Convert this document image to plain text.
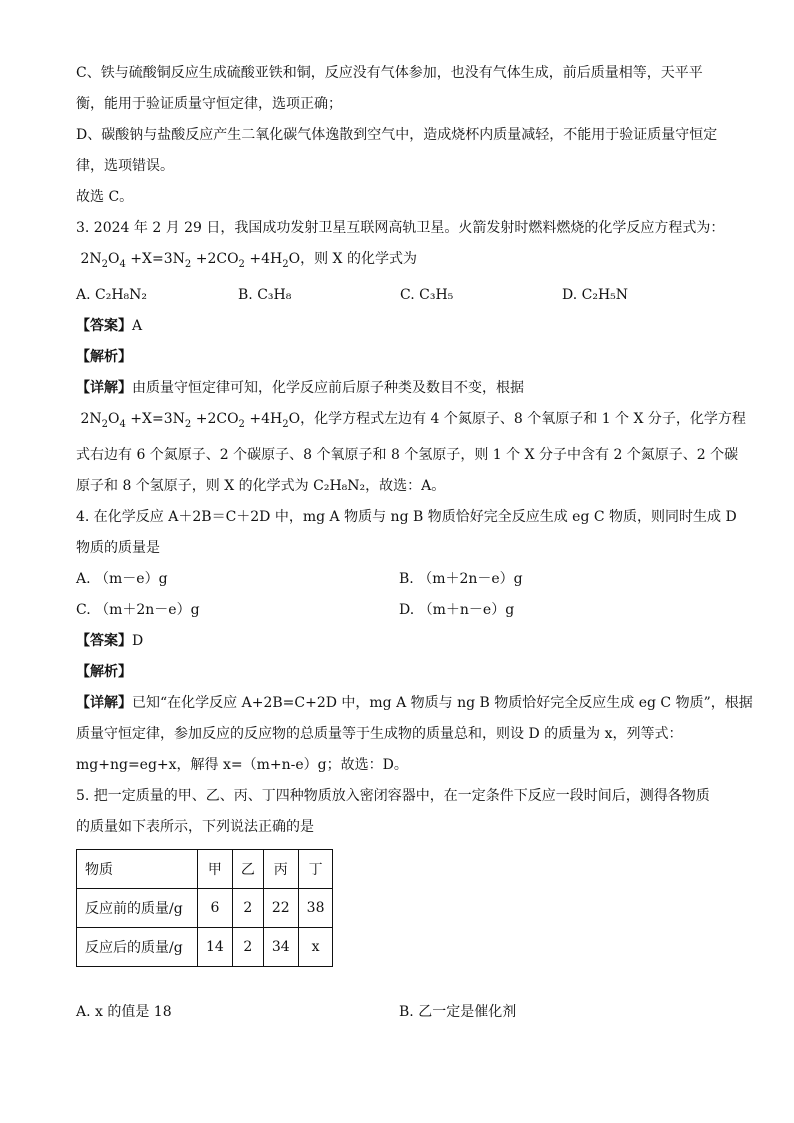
C、铁与硫酸铜反应生成硫酸亚铁和铜，反应没有气体参加，也没有气体生成，前后质量相等，天平平

衡，能用于验证质量守恒定律，选项正确；

D、碳酸钠与盐酸反应产生二氧化碳气体逸散到空气中，造成烧杯内质量减轻，不能用于验证质量守恒定

律，选项错误。

故选 C。

3. 2024 年 2 月 29 日，我国成功发射卫星互联网高轨卫星。火箭发射时燃料燃烧的化学反应方程式为：

$2N_2O_4 +X=3N_2 +2CO_2 +4H_2O$，则 X 的化学式为

A. C₂H₈N₂	B. C₃H₈	C. C₃H₅	D. C₂H₅N

【答案】A

【解析】

【详解】由质量守恒定律可知，化学反应前后原子种类及数目不变，根据

$2N_2O_4 +X=3N_2 +2CO_2 +4H_2O$，化学方程式左边有 4 个氮原子、8 个氧原子和 1 个 X 分子，化学方程

式右边有 6 个氮原子、2 个碳原子、8 个氧原子和 8 个氢原子，则 1 个 X 分子中含有 2 个氮原子、2 个碳

原子和 8 个氢原子，则 X 的化学式为 C₂H₈N₂，故选：A。

4. 在化学反应 A＋2B＝C＋2D 中，mg A 物质与 ng B 物质恰好完全反应生成 eg C 物质，则同时生成 D

物质的质量是

A. （m－e）g	B. （m＋2n－e）g
C. （m＋2n－e）g	D. （m＋n－e）g

【答案】D

【解析】

【详解】已知“在化学反应 A+2B=C+2D 中，mg A 物质与 ng B 物质恰好完全反应生成 eg C 物质”，根据

质量守恒定律，参加反应的反应物的总质量等于生成物的质量总和，则设 D 的质量为 x，列等式：

mg+ng=eg+x，解得 x=（m+n-e）g；故选：D。

5. 把一定质量的甲、乙、丙、丁四种物质放入密闭容器中，在一定条件下反应一段时间后，测得各物质

的质量如下表所示，下列说法正确的是

物质	甲	乙	丙	丁
反应前的质量/g	6	2	22	38
反应后的质量/g	14	2	34	x
A. x 的值是 18	B. 乙一定是催化剂
